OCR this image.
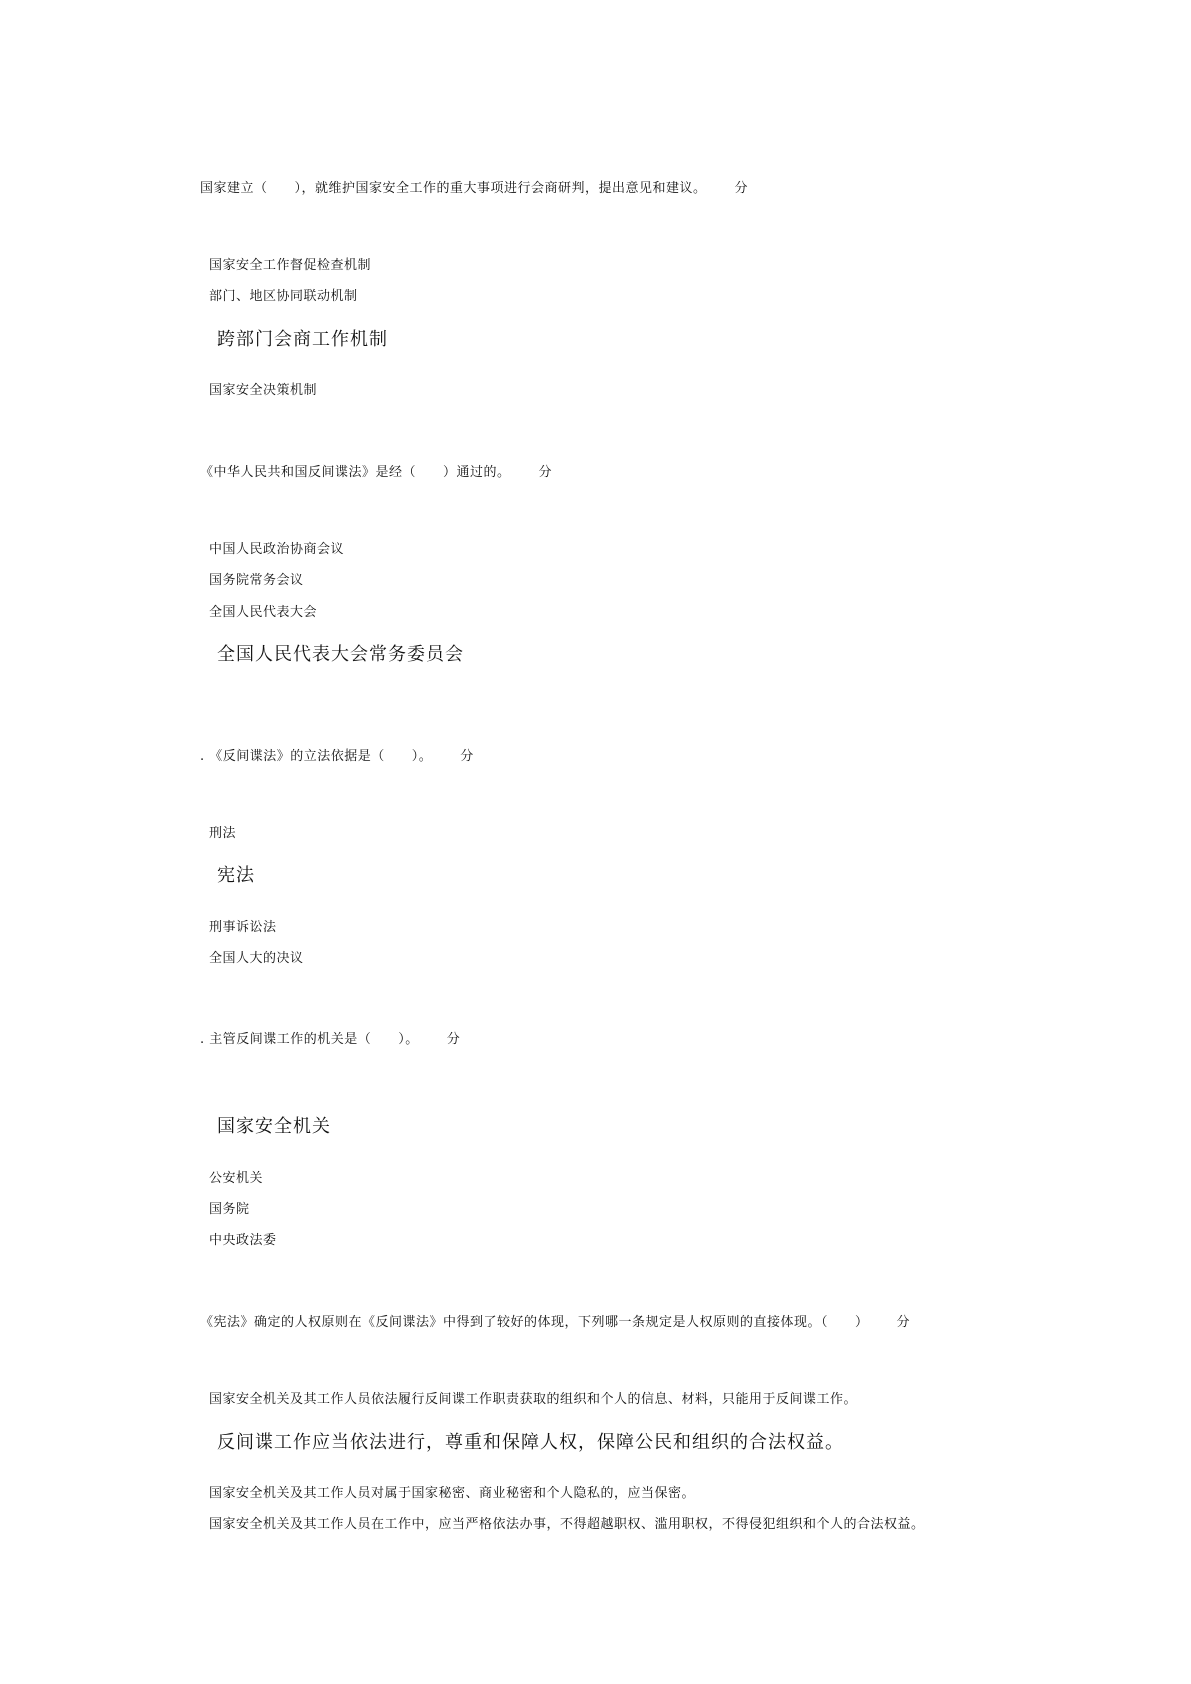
国家建立（　　），就维护国家安全工作的重大事项进行会商研判，提出意见和建议。 分
国家安全工作督促检查机制
部门、地区协同联动机制
跨部门会商工作机制
国家安全决策机制
《中华人民共和国反间谍法》是经（　　）通过的。 分
中国人民政治协商会议
国务院常务会议
全国人民代表大会
全国人民代表大会常务委员会
. 《反间谍法》的立法依据是（　　）。 分
刑法
宪法
刑事诉讼法
全国人大的决议
. 主管反间谍工作的机关是（　　）。 分
国家安全机关
公安机关
国务院
中央政法委
《宪法》确定的人权原则在《反间谍法》中得到了较好的体现，下列哪一条规定是人权原则的直接体现。（　　） 分
国家安全机关及其工作人员依法履行反间谍工作职责获取的组织和个人的信息、材料，只能用于反间谍工作。
反间谍工作应当依法进行，尊重和保障人权，保障公民和组织的合法权益。
国家安全机关及其工作人员对属于国家秘密、商业秘密和个人隐私的，应当保密。
国家安全机关及其工作人员在工作中，应当严格依法办事，不得超越职权、滥用职权，不得侵犯组织和个人的合法权益。
